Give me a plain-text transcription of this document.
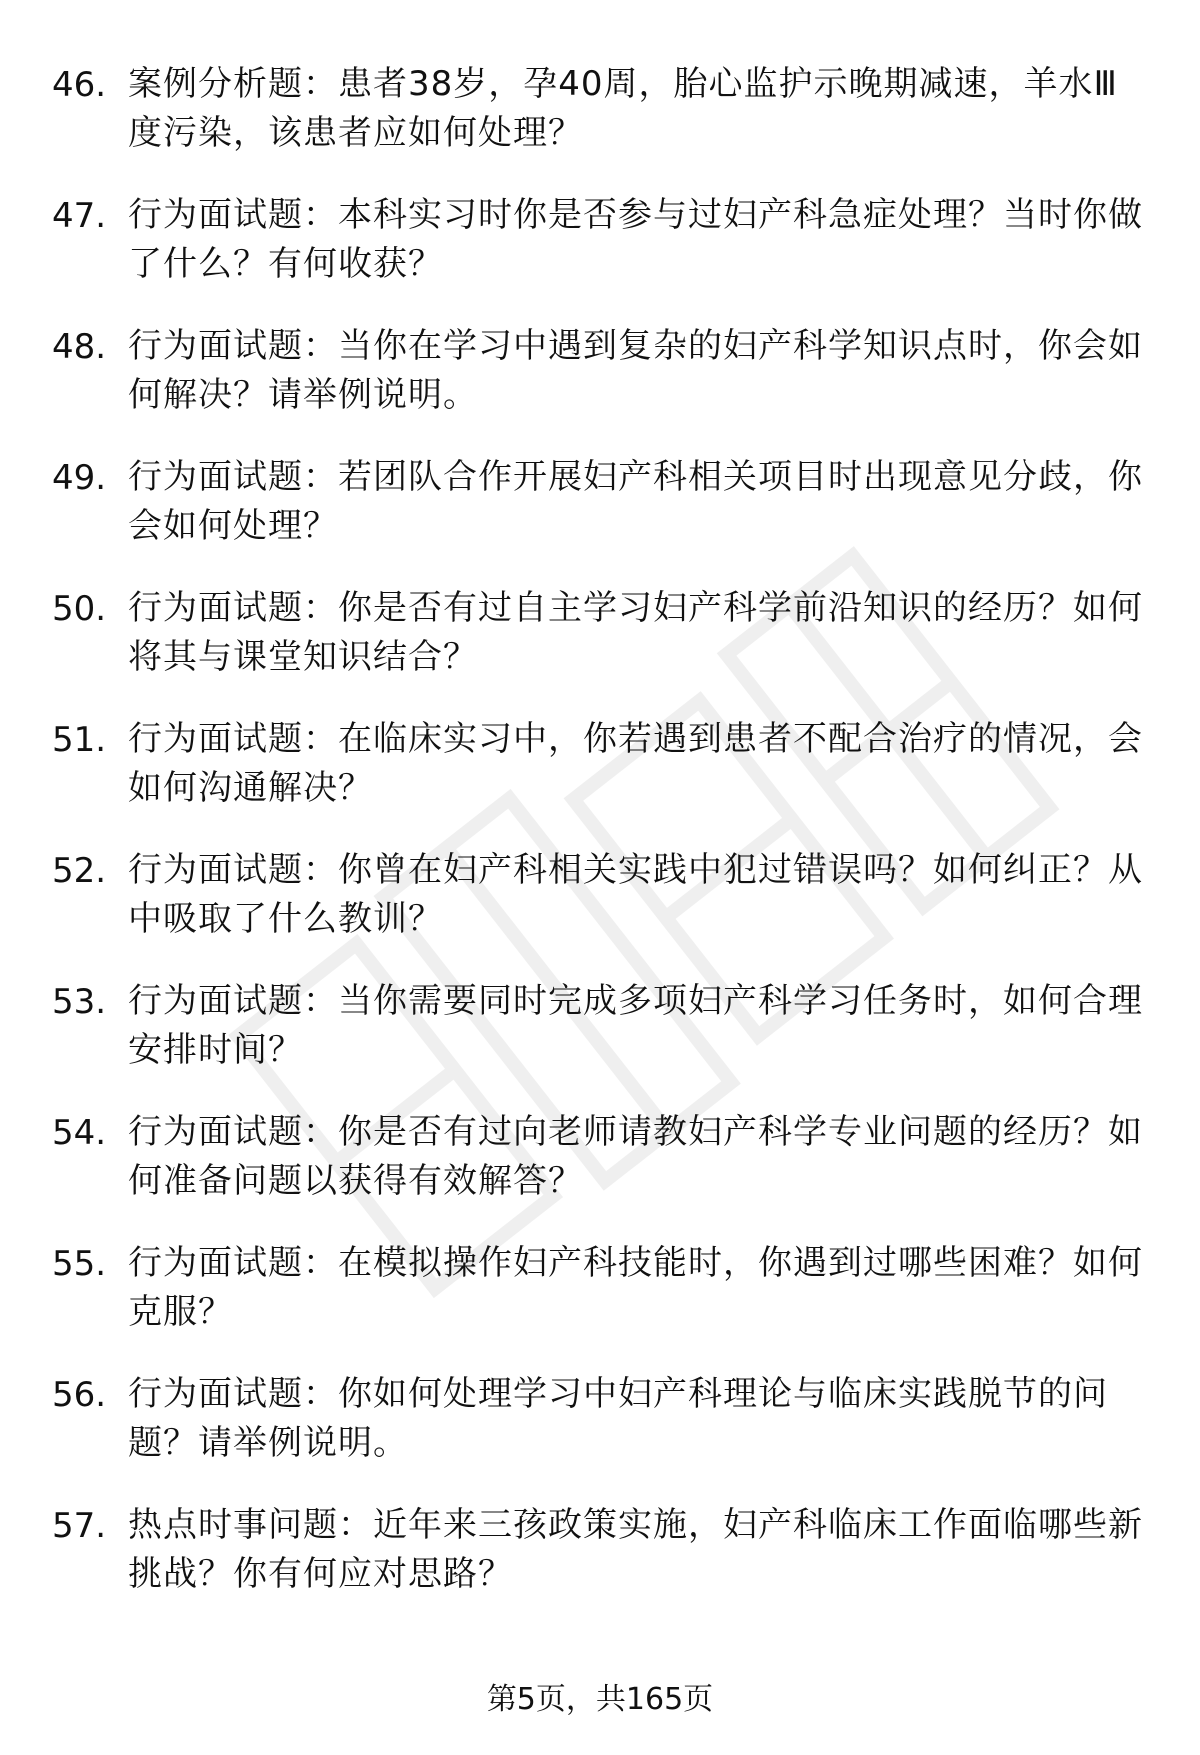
46. 案例分析题：患者38岁，孕40周，胎心监护示晚期减速，羊水Ⅲ度污染，该患者应如何处理？
47. 行为面试题：本科实习时你是否参与过妇产科急症处理？当时你做了什么？有何收获？
48. 行为面试题：当你在学习中遇到复杂的妇产科学知识点时，你会如何解决？请举例说明。
49. 行为面试题：若团队合作开展妇产科相关项目时出现意见分歧，你会如何处理？
50. 行为面试题：你是否有过自主学习妇产科学前沿知识的经历？如何将其与课堂知识结合？
51. 行为面试题：在临床实习中，你若遇到患者不配合治疗的情况，会如何沟通解决？
52. 行为面试题：你曾在妇产科相关实践中犯过错误吗？如何纠正？从中吸取了什么教训？
53. 行为面试题：当你需要同时完成多项妇产科学习任务时，如何合理安排时间？
54. 行为面试题：你是否有过向老师请教妇产科学专业问题的经历？如何准备问题以获得有效解答？
55. 行为面试题：在模拟操作妇产科技能时，你遇到过哪些困难？如何克服？
56. 行为面试题：你如何处理学习中妇产科理论与临床实践脱节的问题？请举例说明。
57. 热点时事问题：近年来三孩政策实施，妇产科临床工作面临哪些新挑战？你有何应对思路？
第5页，共165页
